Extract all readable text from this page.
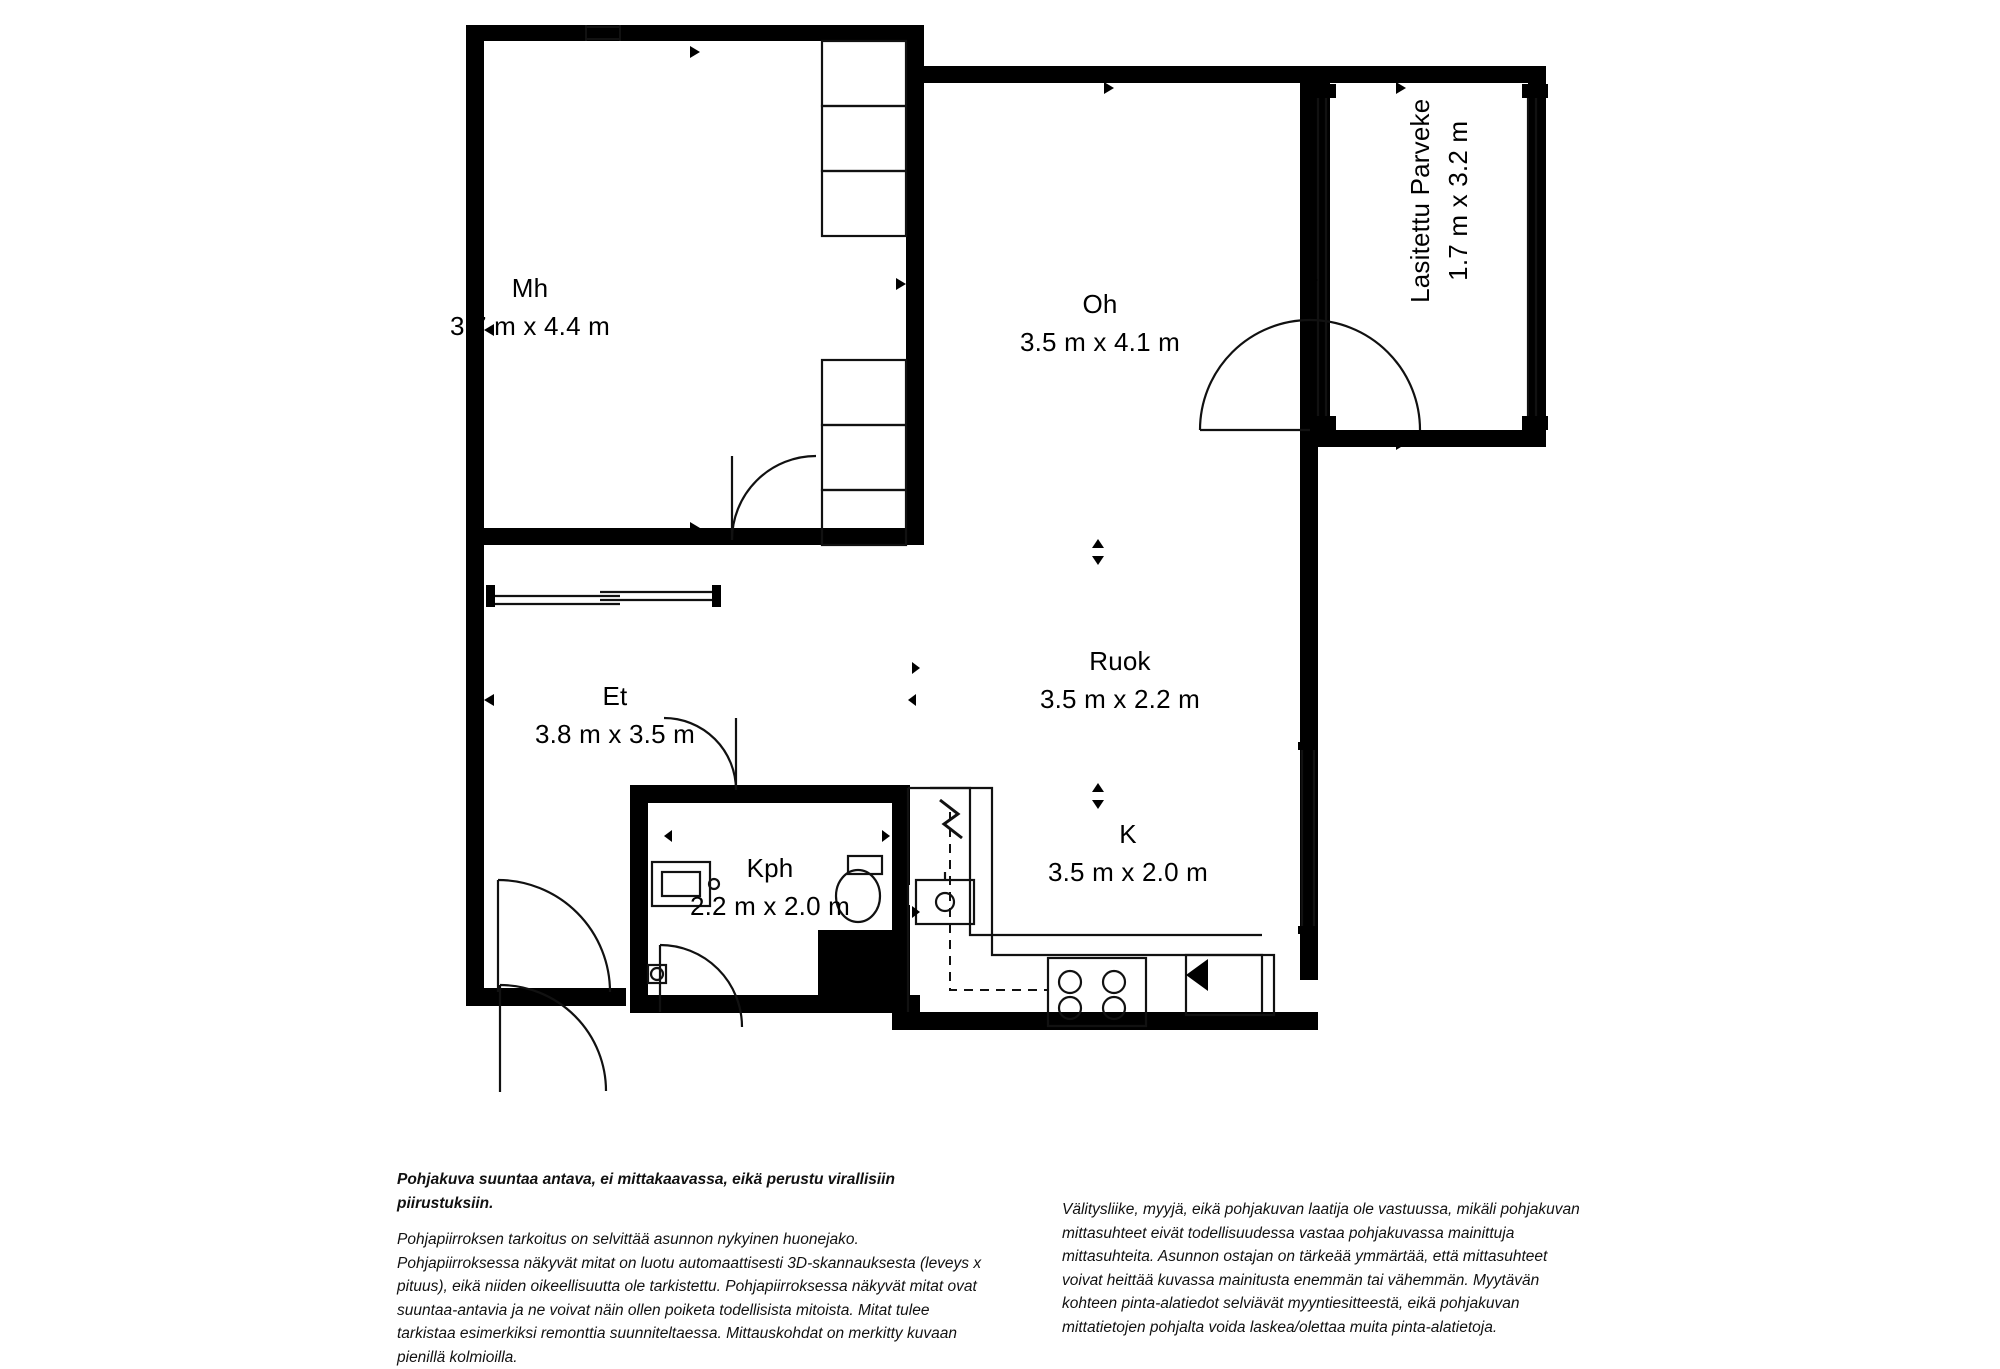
Mh
3.7 m x 4.4 m
Oh
3.5 m x 4.1 m
Lasitettu Parveke 1.7 m x 3.2 m
Et
3.8 m x 3.5 m
Ruok
3.5 m x 2.2 m
Kph
2.2 m x 2.0 m
K
3.5 m x 2.0 m
Pohjakuva suuntaa antava, ei mittakaavassa, eikä perustu virallisiin piirustuksiin.

Pohjapiirroksen tarkoitus on selvittää asunnon nykyinen huonejako. Pohjapiirroksessa näkyvät mitat on luotu automaattisesti 3D-skannauksesta (leveys x pituus), eikä niiden oikeellisuutta ole tarkistettu. Pohjapiirroksessa näkyvät mitat ovat suuntaa-antavia ja ne voivat näin ollen poiketa todellisista mitoista. Mitat tulee tarkistaa esimerkiksi remonttia suunniteltaessa. Mittauskohdat on merkitty kuvaan pienillä kolmioilla.

Välitysliike, myyjä, eikä pohjakuvan laatija ole vastuussa, mikäli pohjakuvan mittasuhteet eivät todellisuudessa vastaa pohjakuvassa mainittuja mittasuhteita. Asunnon ostajan on tärkeää ymmärtää, että mittasuhteet voivat heittää kuvassa mainitusta enemmän tai vähemmän. Myytävän kohteen pinta-alatiedot selviävät myyntiesitteestä, eikä pohjakuvan mittatietojen pohjalta voida laskea/olettaa muita pinta-alatietoja.
